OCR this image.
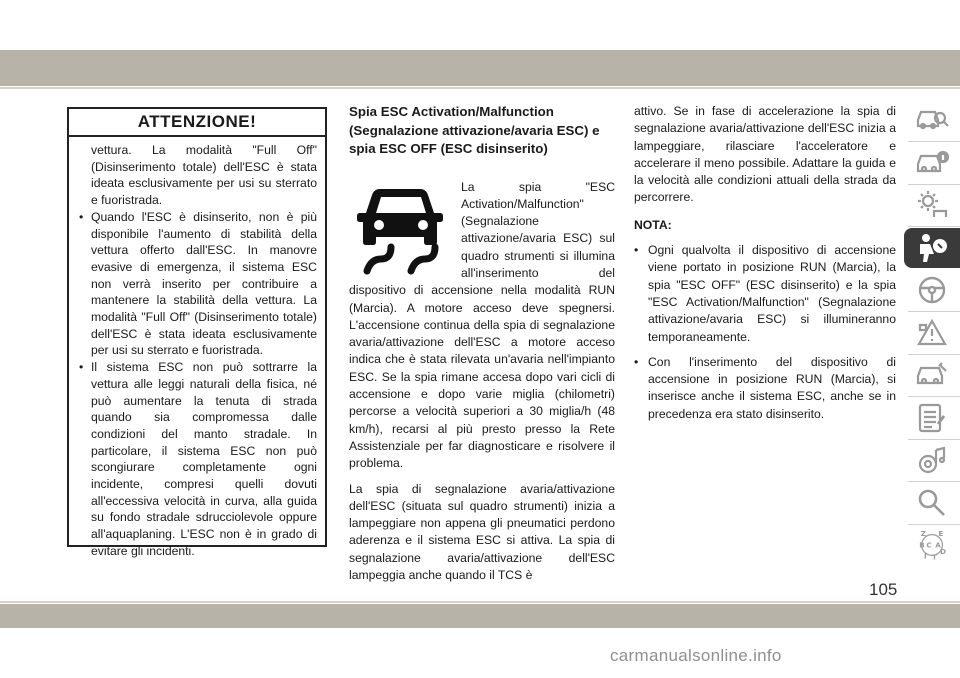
ATTENZIONE!

vettura. La modalità "Full Off" (Disinserimento totale) dell'ESC è stata ideata esclusivamente per usi su sterrato e fuoristrada.

• Quando l'ESC è disinserito, non è più disponibile l'aumento di stabilità della vettura offerto dall'ESC. In manovre evasive di emergenza, il sistema ESC non verrà inserito per contribuire a mantenere la stabilità della vettura. La modalità "Full Off" (Disinserimento totale) dell'ESC è stata ideata esclusivamente per usi su sterrato e fuoristrada.
• Il sistema ESC non può sottrarre la vettura alle leggi naturali della fisica, né può aumentare la tenuta di strada quando sia compromessa dalle condizioni del manto stradale. In particolare, il sistema ESC non può scongiurare completamente ogni incidente, compresi quelli dovuti all'eccessiva velocità in curva, alla guida su fondo stradale sdrucciolevole oppure all'aquaplaning. L'ESC non è in grado di evitare gli incidenti.
Spia ESC Activation/Malfunction (Segnalazione attivazione/avaria ESC) e spia ESC OFF (ESC disinserito)

La spia "ESC Activation/Malfunction" (Segnalazione attivazione/avaria ESC) sul quadro strumenti si illumina all'inserimento del dispositivo di accensione nella modalità RUN (Marcia). A motore acceso deve spegnersi. L'accensione continua della spia di segnalazione avaria/attivazione dell'ESC a motore acceso indica che è stata rilevata un'avaria nell'impianto ESC. Se la spia rimane accesa dopo vari cicli di accensione e dopo varie miglia (chilometri) percorse a velocità superiori a 30 miglia/h (48 km/h), recarsi al più presto presso la Rete Assistenziale per far diagnosticare e risolvere il problema.

La spia di segnalazione avaria/attivazione dell'ESC (situata sul quadro strumenti) inizia a lampeggiare non appena gli pneumatici perdono aderenza e il sistema ESC si attiva. La spia di segnalazione avaria/attivazione dell'ESC lampeggia anche quando il TCS è

attivo. Se in fase di accelerazione la spia di segnalazione avaria/attivazione dell'ESC inizia a lampeggiare, rilasciare l'acceleratore e accelerare il meno possibile. Adattare la guida e la velocità alle condizioni attuali della strada da percorrere.

NOTA:

• Ogni qualvolta il dispositivo di accensione viene portato in posizione RUN (Marcia), la spia "ESC OFF" (ESC disinserito) e la spia "ESC Activation/Malfunction" (Segnalazione attivazione/avaria ESC) si illumineranno temporaneamente.
• Con l'inserimento del dispositivo di accensione in posizione RUN (Marcia), si inserisce anche il sistema ESC, anche se in precedenza era stato disinserito.
Z E
B C A
D
I T
105
carmanualsonline.info
